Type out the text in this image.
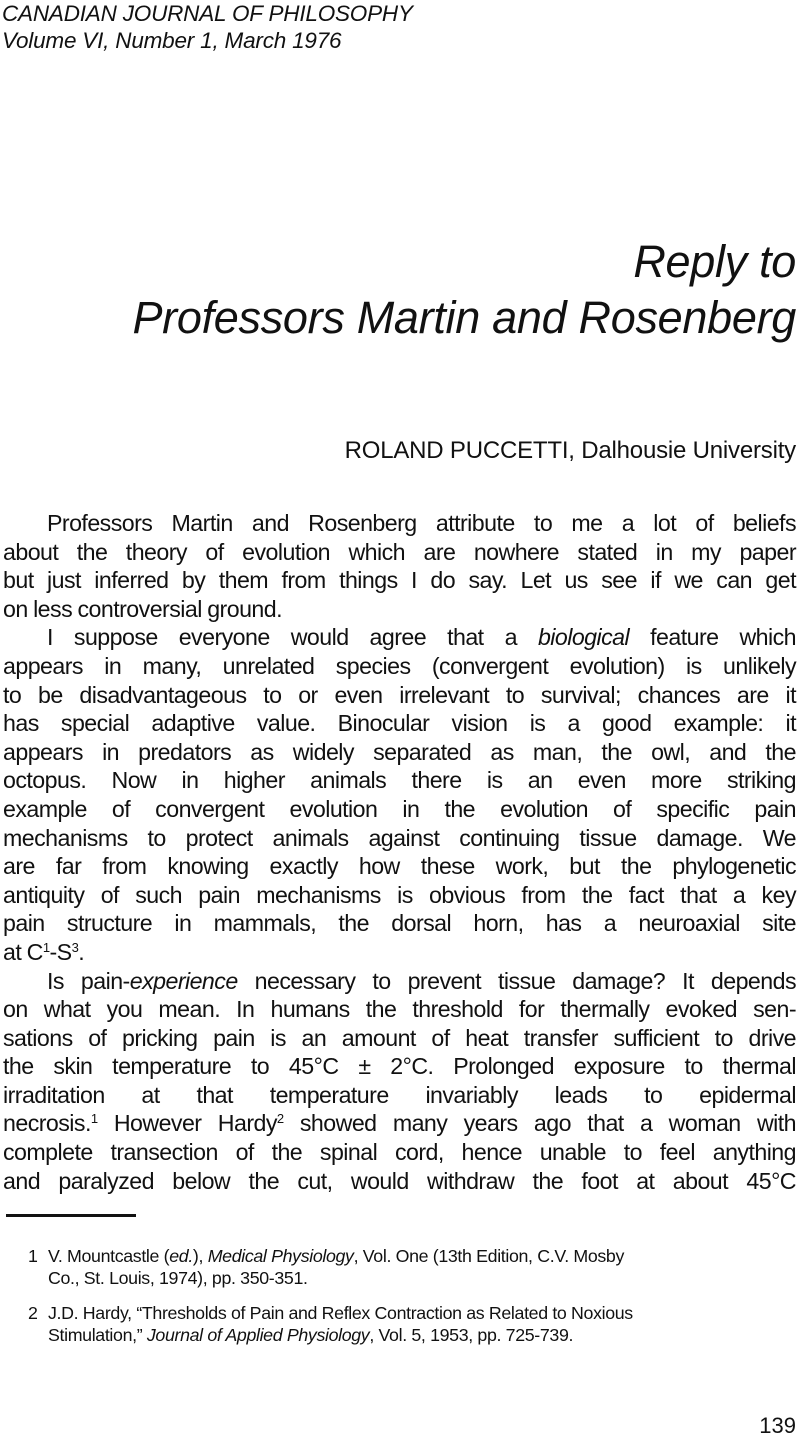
CANADIAN JOURNAL OF PHILOSOPHY
Volume VI, Number 1, March 1976
Reply to
Professors Martin and Rosenberg
ROLAND PUCCETTI, Dalhousie University
Professors Martin and Rosenberg attribute to me a lot of beliefs
about the theory of evolution which are nowhere stated in my paper
but just inferred by them from things I do say. Let us see if we can get
on less controversial ground.
I suppose everyone would agree that a biological feature which
appears in many, unrelated species (convergent evolution) is unlikely
to be disadvantageous to or even irrelevant to survival; chances are it
has special adaptive value. Binocular vision is a good example: it
appears in predators as widely separated as man, the owl, and the
octopus. Now in higher animals there is an even more striking
example of convergent evolution in the evolution of specific pain
mechanisms to protect animals against continuing tissue damage. We
are far from knowing exactly how these work, but the phylogenetic
antiquity of such pain mechanisms is obvious from the fact that a key
pain structure in mammals, the dorsal horn, has a neuroaxial site
at $C^1-S^3$.
Is pain-experience necessary to prevent tissue damage? It depends
on what you mean. In humans the threshold for thermally evoked sen-
sations of pricking pain is an amount of heat transfer sufficient to drive
the skin temperature to 45°C ± 2°C. Prolonged exposure to thermal
irraditation at that temperature invariably leads to epidermal
necrosis.$^1$ However Hardy$^2$ showed many years ago that a woman with
complete transection of the spinal cord, hence unable to feel anything
and paralyzed below the cut, would withdraw the foot at about 45°C
1 V. Mountcastle (ed.), Medical Physiology, Vol. One (13th Edition, C.V. Mosby
Co., St. Louis, 1974), pp. 350-351.
2 J.D. Hardy, “Thresholds of Pain and Reflex Contraction as Related to Noxious
Stimulation,” Journal of Applied Physiology, Vol. 5, 1953, pp. 725-739.
139
